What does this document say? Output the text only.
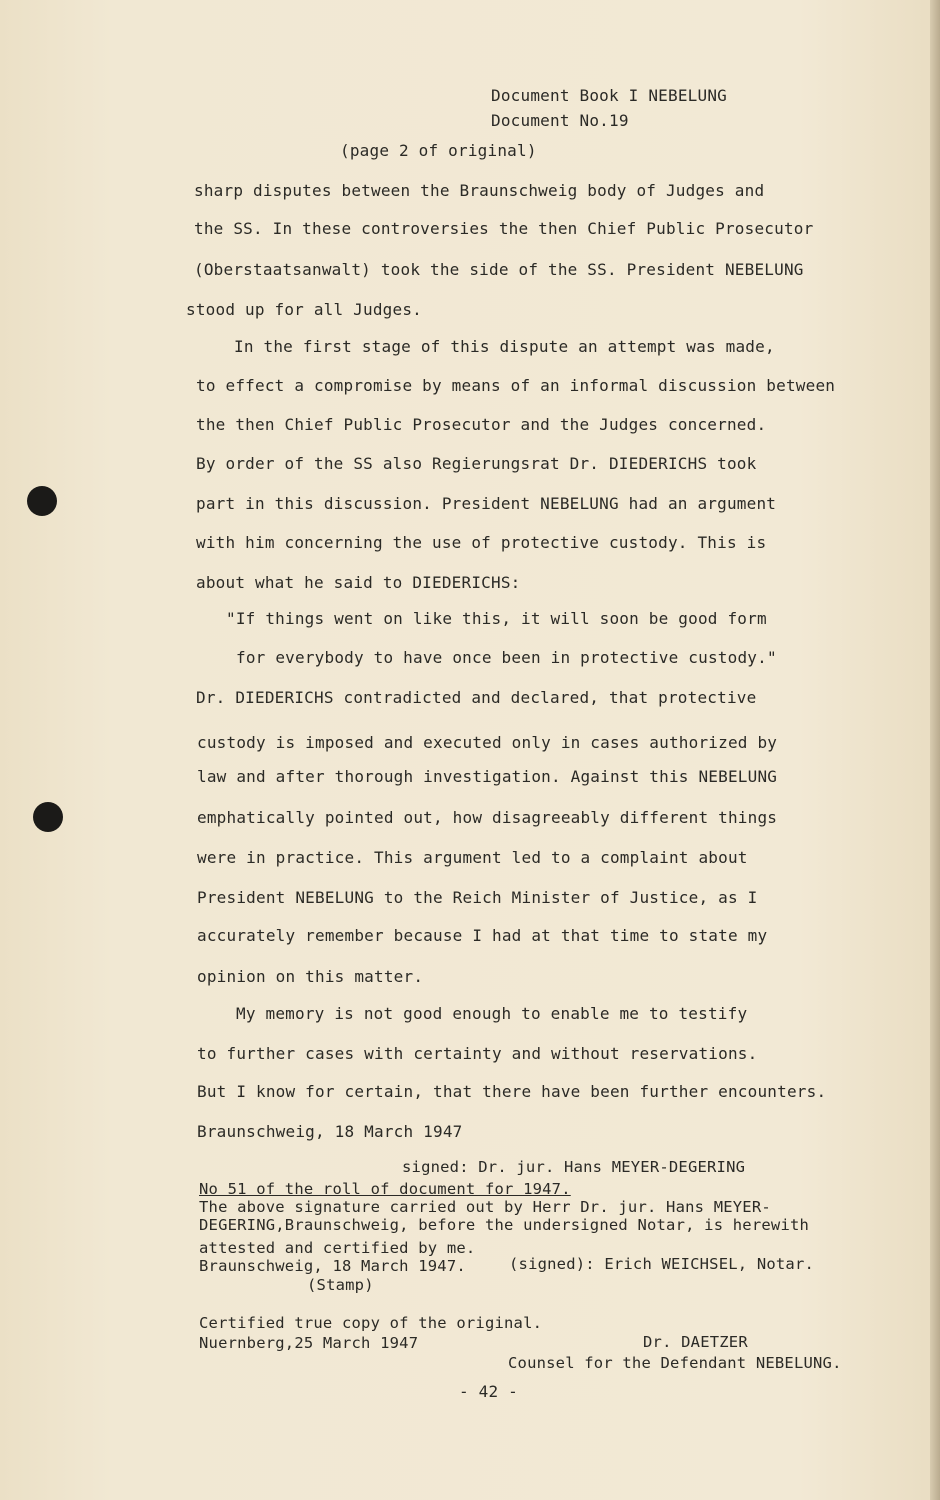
Document Book I NEBELUNG
Document No.19
(page 2 of original)
sharp disputes between the Braunschweig body of Judges and
the SS. In these controversies the then Chief Public Prosecutor
(Oberstaatsanwalt) took the side of the SS. President NEBELUNG
stood up for all Judges.
In the first stage of this dispute an attempt was made,
to effect a compromise by means of an informal discussion between
the then Chief Public Prosecutor and the Judges concerned.
By order of the SS also Regierungsrat Dr. DIEDERICHS took
part in this discussion. President NEBELUNG had an argument
with him concerning the use of protective custody. This is
about what he said to DIEDERICHS:
"If things went on like this, it will soon be good form
for everybody to have once been in protective custody."
Dr. DIEDERICHS contradicted and declared, that protective
custody is imposed and executed only in cases authorized by
law and after thorough investigation. Against this NEBELUNG
emphatically pointed out, how disagreeably different things
were in practice. This argument led to a complaint about
President NEBELUNG to the Reich Minister of Justice, as I
accurately remember because I had at that time to state my
opinion on this matter.
My memory is not good enough to enable me to testify
to further cases with certainty and without reservations.
But I know for certain, that there have been further encounters.
Braunschweig, 18 March 1947
signed: Dr. jur. Hans MEYER-DEGERING
No 51 of the roll of document for 1947.
The above signature carried out by Herr Dr. jur. Hans MEYER-
DEGERING,Braunschweig, before the undersigned Notar, is herewith
attested and certified by me.
Braunschweig, 18 March 1947.	(signed): Erich WEICHSEL, Notar.
(Stamp)
Certified true copy of the original.
Nuernberg,25 March 1947	Dr. DAETZER
Counsel for the Defendant NEBELUNG.
- 42 -
